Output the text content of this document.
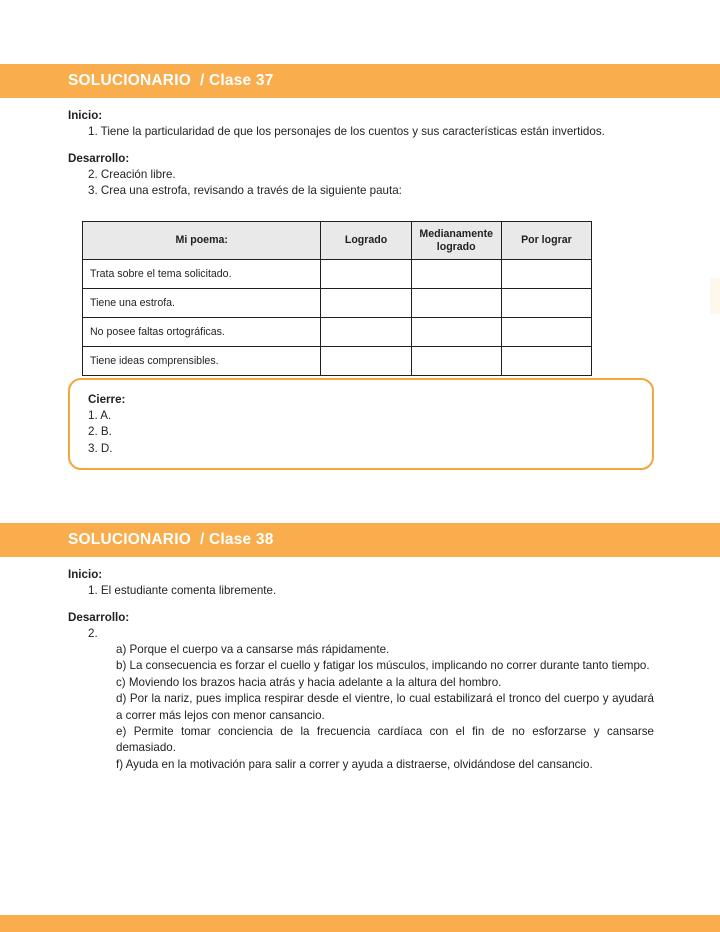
SOLUCIONARIO / Clase 37

Inicio:

1. Tiene la particularidad de que los personajes de los cuentos y sus características están invertidos.

Desarrollo:

2. Creación libre.

3. Crea una estrofa, revisando a través de la siguiente pauta:

Mi poema:	Logrado	Medianamente logrado	Por lograr
Trata sobre el tema solicitado.			
Tiene una estrofa.			
No posee faltas ortográficas.			
Tiene ideas comprensibles.			

Cierre:

1. A.

2. B.

3. D.

SOLUCIONARIO / Clase 38

Inicio:

1. El estudiante comenta libremente.

Desarrollo:

2.

a) Porque el cuerpo va a cansarse más rápidamente.

b) La consecuencia es forzar el cuello y fatigar los músculos, implicando no correr durante tanto tiempo.

c) Moviendo los brazos hacia atrás y hacia adelante a la altura del hombro.

d) Por la nariz, pues implica respirar desde el vientre, lo cual estabilizará el tronco del cuerpo y ayudará a correr más lejos con menor cansancio.

e) Permite tomar conciencia de la frecuencia cardíaca con el fin de no esforzarse y cansarse demasiado.

f) Ayuda en la motivación para salir a correr y ayuda a distraerse, olvidándose del cansancio.
